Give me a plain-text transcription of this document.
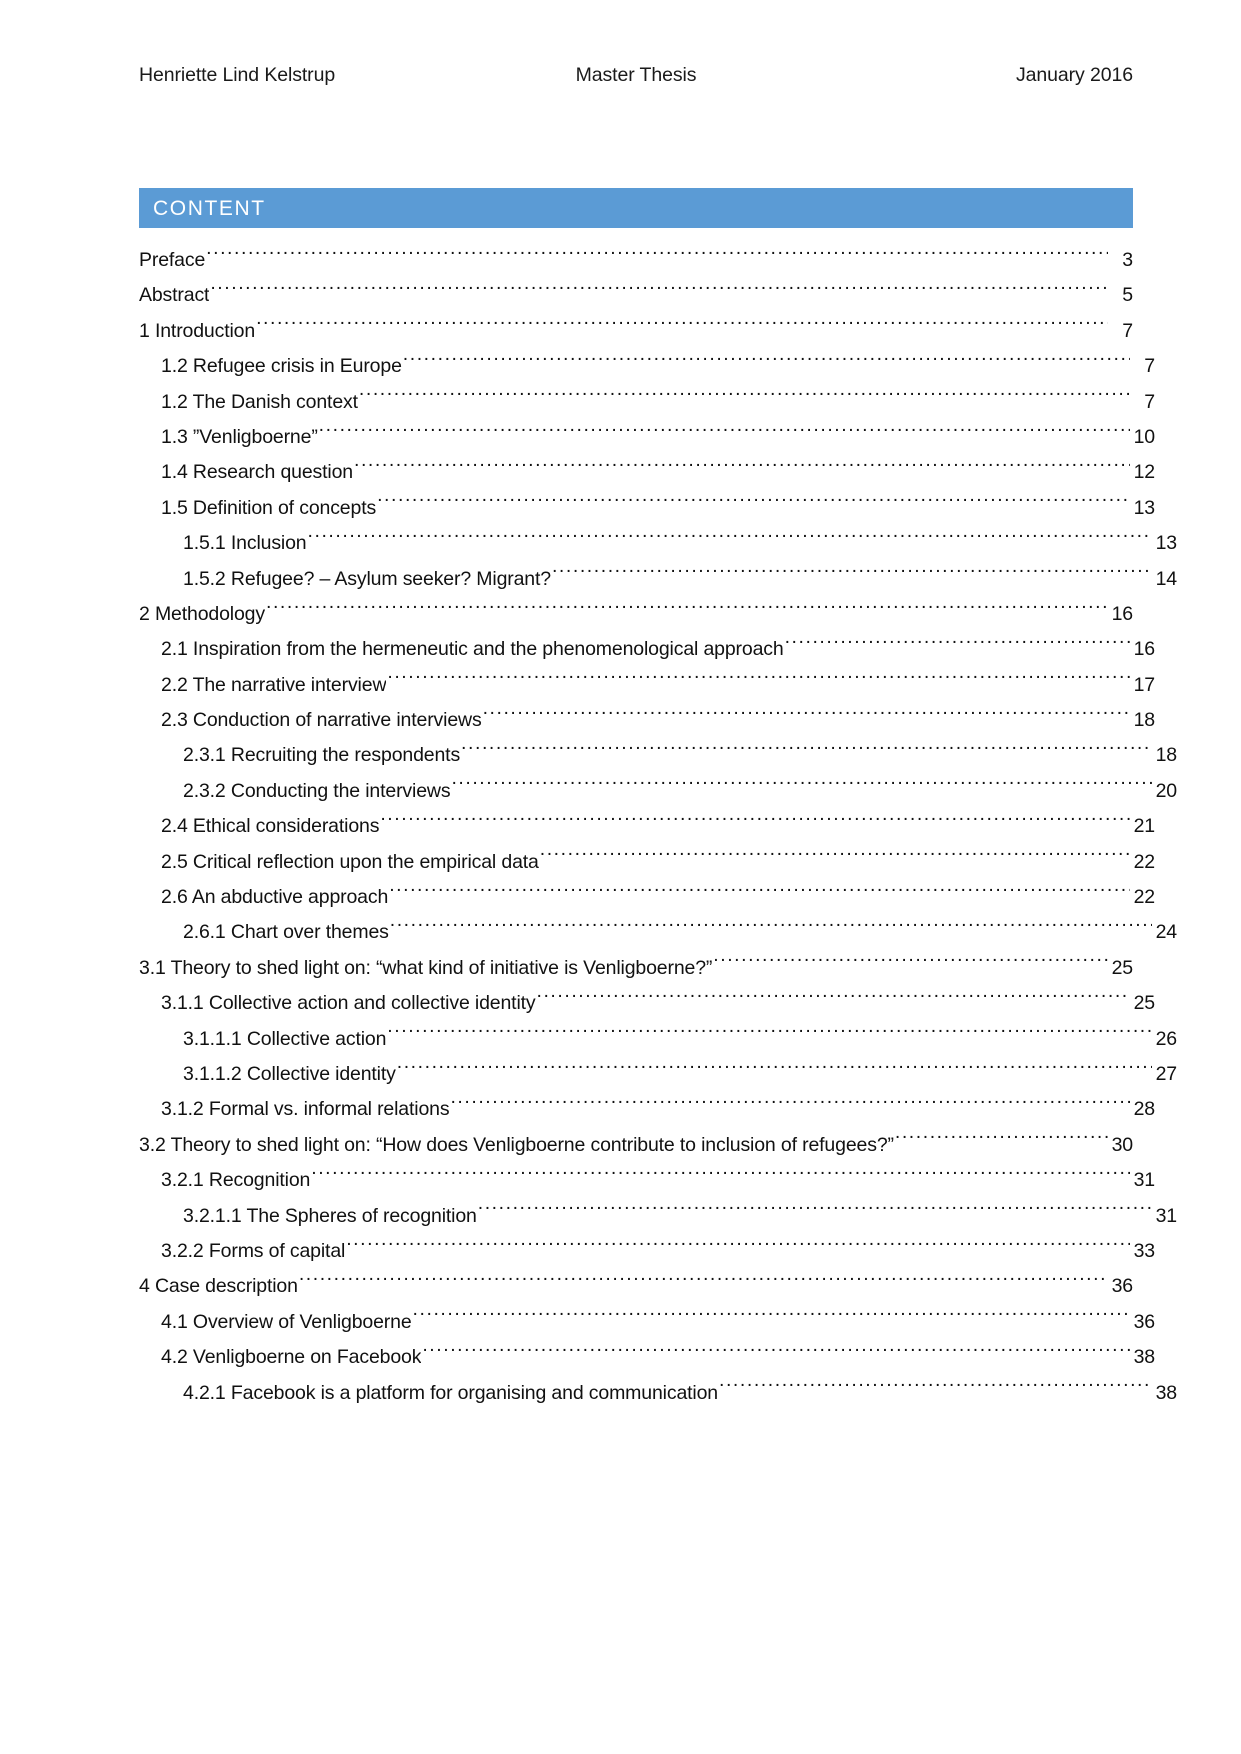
Henriette Lind Kelstrup	Master Thesis	January 2016
CONTENT
Preface .....	3
Abstract .....	5
1 Introduction .....	7
1.2 Refugee crisis in Europe .....	7
1.2 The Danish context .....	7
1.3 ”Venligboerne” .....	10
1.4 Research question .....	12
1.5 Definition of concepts .....	13
1.5.1 Inclusion .....	13
1.5.2 Refugee? – Asylum seeker? Migrant? .....	14
2 Methodology .....	16
2.1 Inspiration from the hermeneutic and the phenomenological approach .....	16
2.2 The narrative interview .....	17
2.3 Conduction of narrative interviews .....	18
2.3.1 Recruiting the respondents .....	18
2.3.2 Conducting the interviews .....	20
2.4 Ethical considerations .....	21
2.5 Critical reflection upon the empirical data .....	22
2.6 An abductive approach .....	22
2.6.1 Chart over themes .....	24
3.1 Theory to shed light on: “what kind of initiative is Venligboerne?” .....	25
3.1.1 Collective action and collective identity .....	25
3.1.1.1 Collective action .....	26
3.1.1.2 Collective identity .....	27
3.1.2 Formal vs. informal relations .....	28
3.2 Theory to shed light on: “How does Venligboerne contribute to inclusion of refugees?” .....	30
3.2.1 Recognition .....	31
3.2.1.1 The Spheres of recognition .....	31
3.2.2 Forms of capital .....	33
4 Case description .....	36
4.1 Overview of Venligboerne .....	36
4.2 Venligboerne on Facebook .....	38
4.2.1 Facebook is a platform for organising and communication .....	38
